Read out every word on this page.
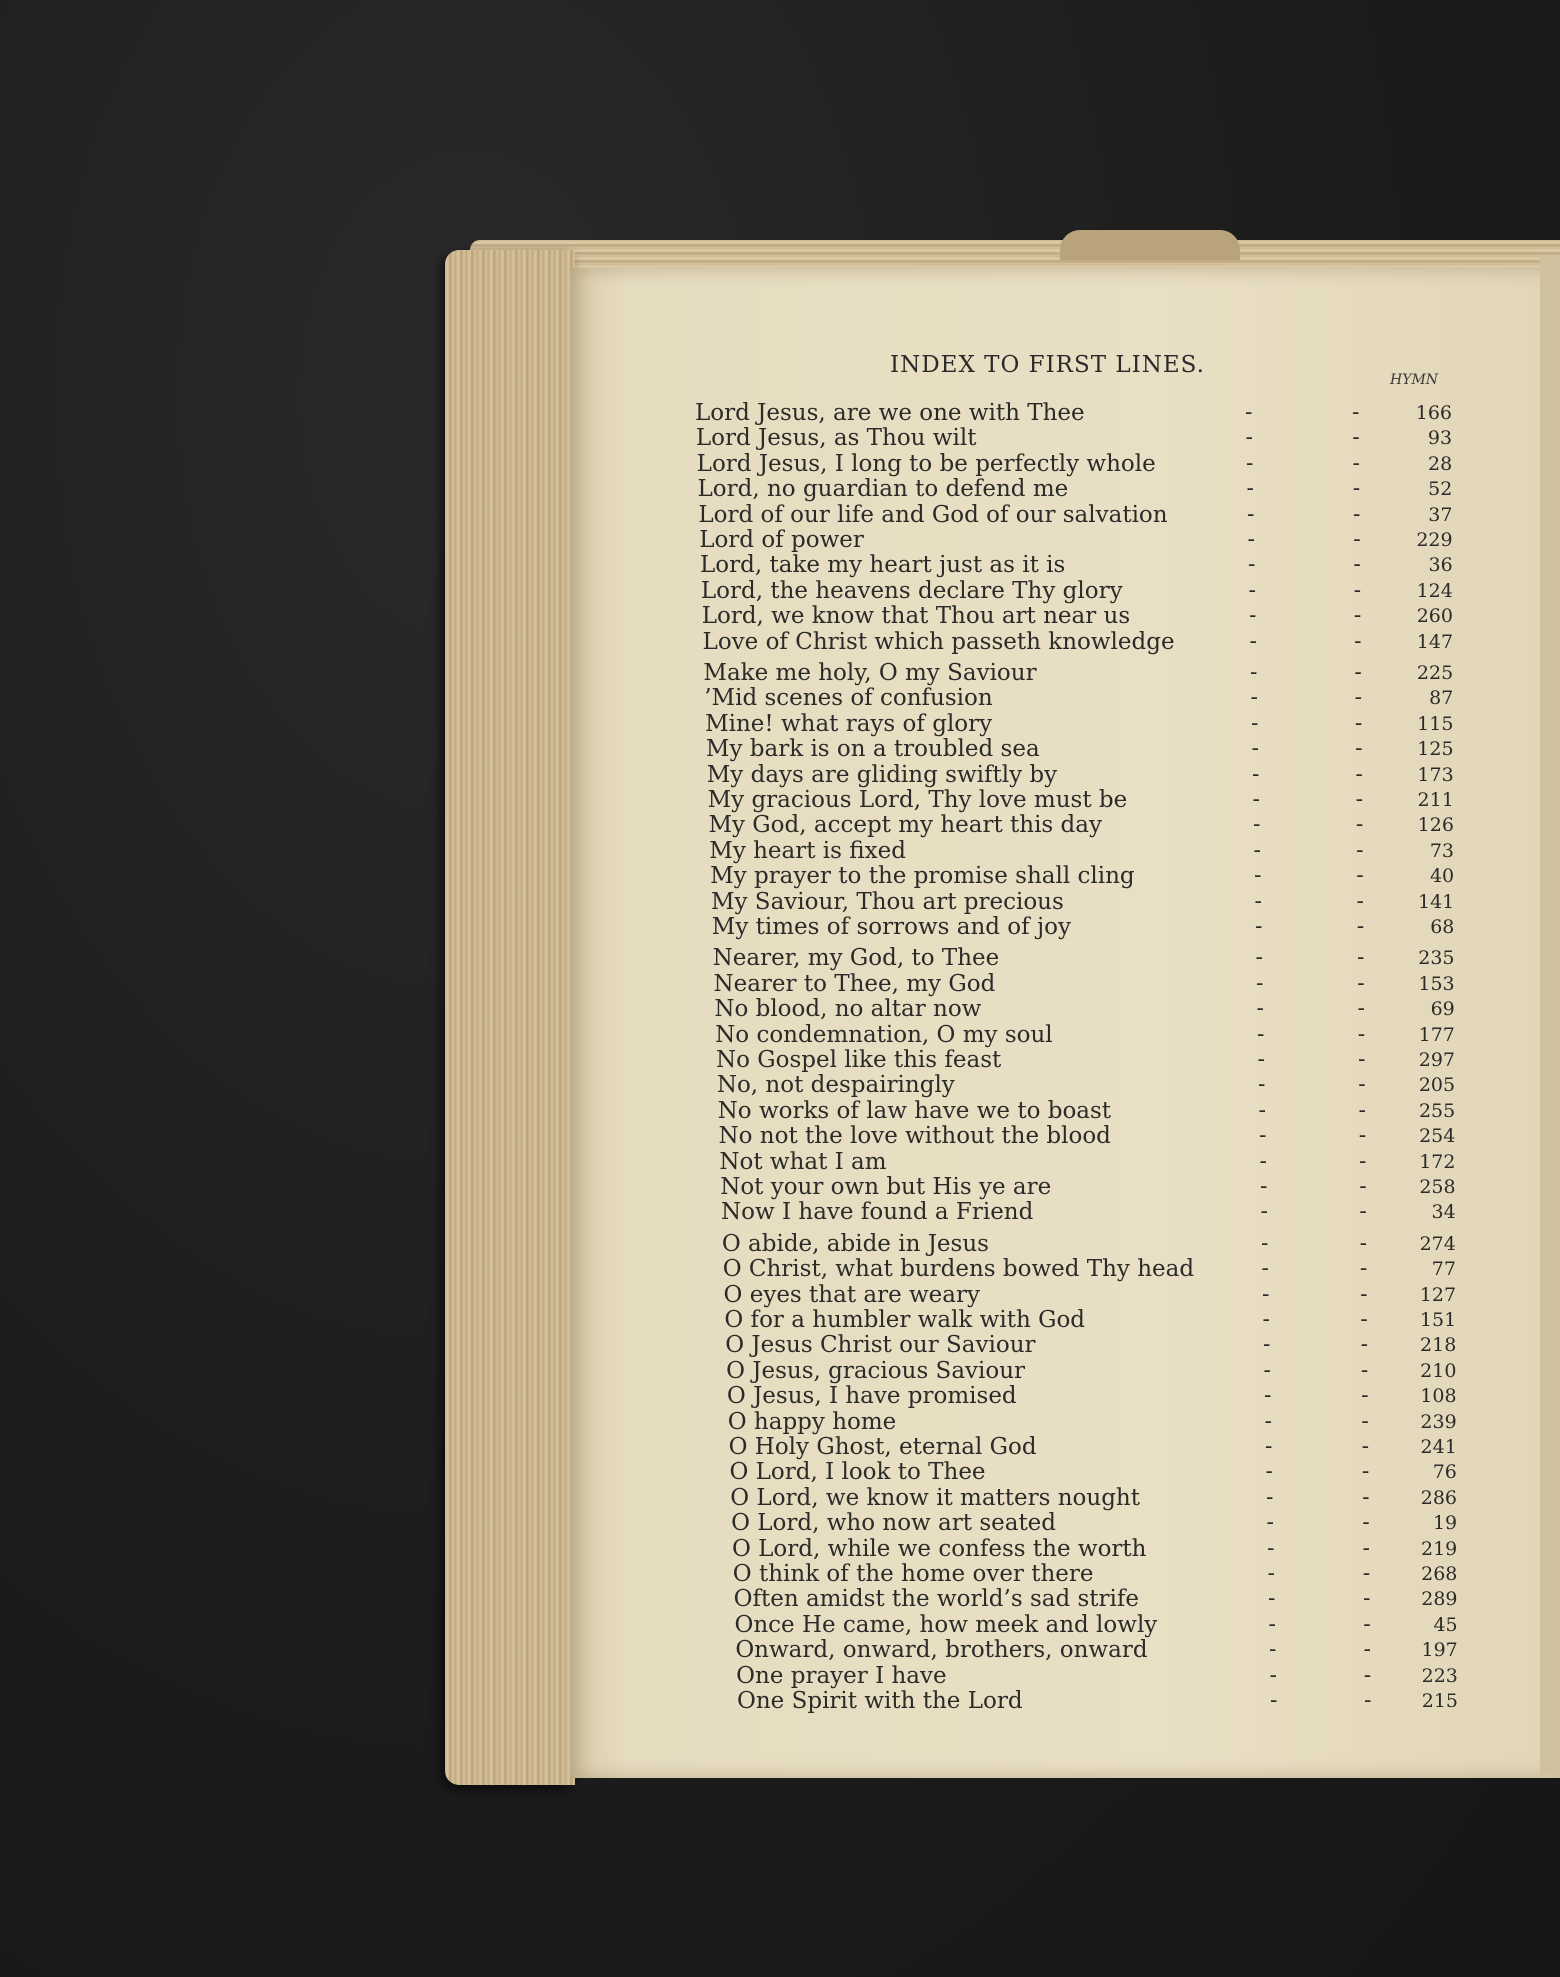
INDEX TO FIRST LINES.
HYMN
Lord Jesus, are we one with Thee	-	-	166
Lord Jesus, as Thou wilt	-	-	93
Lord Jesus, I long to be perfectly whole	-	-	28
Lord, no guardian to defend me	-	-	52
Lord of our life and God of our salvation	-	-	37
Lord of power	-	-	229
Lord, take my heart just as it is	-	-	36
Lord, the heavens declare Thy glory	-	-	124
Lord, we know that Thou art near us	-	-	260
Love of Christ which passeth knowledge	-	-	147
Make me holy, O my Saviour	-	-	225
’Mid scenes of confusion	-	-	87
Mine! what rays of glory	-	-	115
My bark is on a troubled sea	-	-	125
My days are gliding swiftly by	-	-	173
My gracious Lord, Thy love must be	-	-	211
My God, accept my heart this day	-	-	126
My heart is fixed	-	-	73
My prayer to the promise shall cling	-	-	40
My Saviour, Thou art precious	-	-	141
My times of sorrows and of joy	-	-	68
Nearer, my God, to Thee	-	-	235
Nearer to Thee, my God	-	-	153
No blood, no altar now	-	-	69
No condemnation, O my soul	-	-	177
No Gospel like this feast	-	-	297
No, not despairingly	-	-	205
No works of law have we to boast	-	-	255
No not the love without the blood	-	-	254
Not what I am	-	-	172
Not your own but His ye are	-	-	258
Now I have found a Friend	-	-	34
O abide, abide in Jesus	-	-	274
O Christ, what burdens bowed Thy head	-	-	77
O eyes that are weary	-	-	127
O for a humbler walk with God	-	-	151
O Jesus Christ our Saviour	-	-	218
O Jesus, gracious Saviour	-	-	210
O Jesus, I have promised	-	-	108
O happy home	-	-	239
O Holy Ghost, eternal God	-	-	241
O Lord, I look to Thee	-	-	76
O Lord, we know it matters nought	-	-	286
O Lord, who now art seated	-	-	19
O Lord, while we confess the worth	-	-	219
O think of the home over there	-	-	268
Often amidst the world’s sad strife	-	-	289
Once He came, how meek and lowly	-	-	45
Onward, onward, brothers, onward	-	-	197
One prayer I have	-	-	223
One Spirit with the Lord	-	-	215
